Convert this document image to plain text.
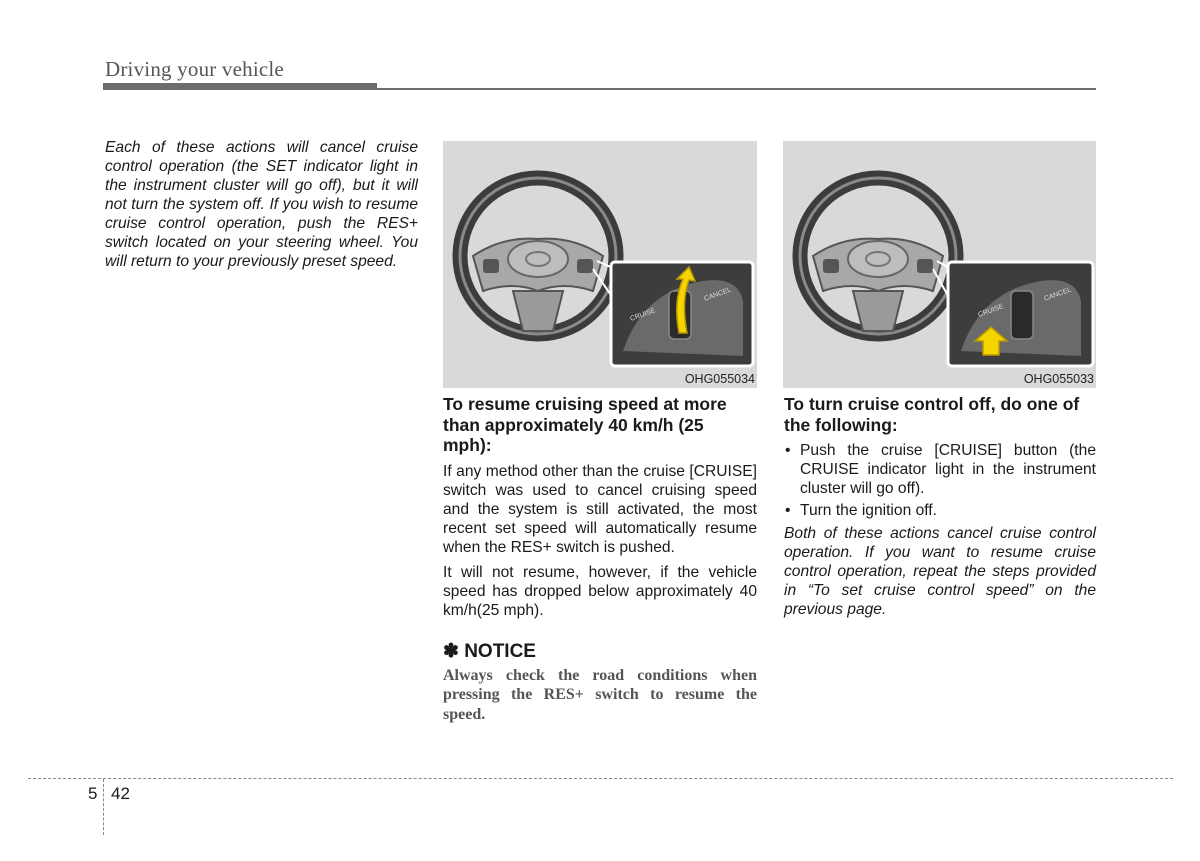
Driving your vehicle

Each of these actions will cancel cruise control operation (the SET indicator light in the instrument cluster will go off), but it will not turn the system off. If you wish to resume cruise control operation, push the RES+ switch located on your steering wheel. You will return to your previously preset speed.

CRUISE
CANCEL
OHG055034
CRUISE
CANCEL
OHG055033

To resume cruising speed at more than approximately 40 km/h (25 mph):

If any method other than the cruise [CRUISE] switch was used to cancel cruising speed and the system is still activated, the most recent set speed will automatically resume when the RES+ switch is pushed.

It will not resume, however, if the vehicle speed has dropped below approximately 40 km/h(25 mph).

✽ NOTICE

Always check the road conditions when pressing the RES+ switch to resume the speed.

To turn cruise control off, do one of the following:

• Push the cruise [CRUISE] button (the CRUISE indicator light in the instrument cluster will go off).
• Turn the ignition off.

Both of these actions cancel cruise control operation. If you want to resume cruise control operation, repeat the steps provided in “To set cruise control speed” on the previous page.

5 42
